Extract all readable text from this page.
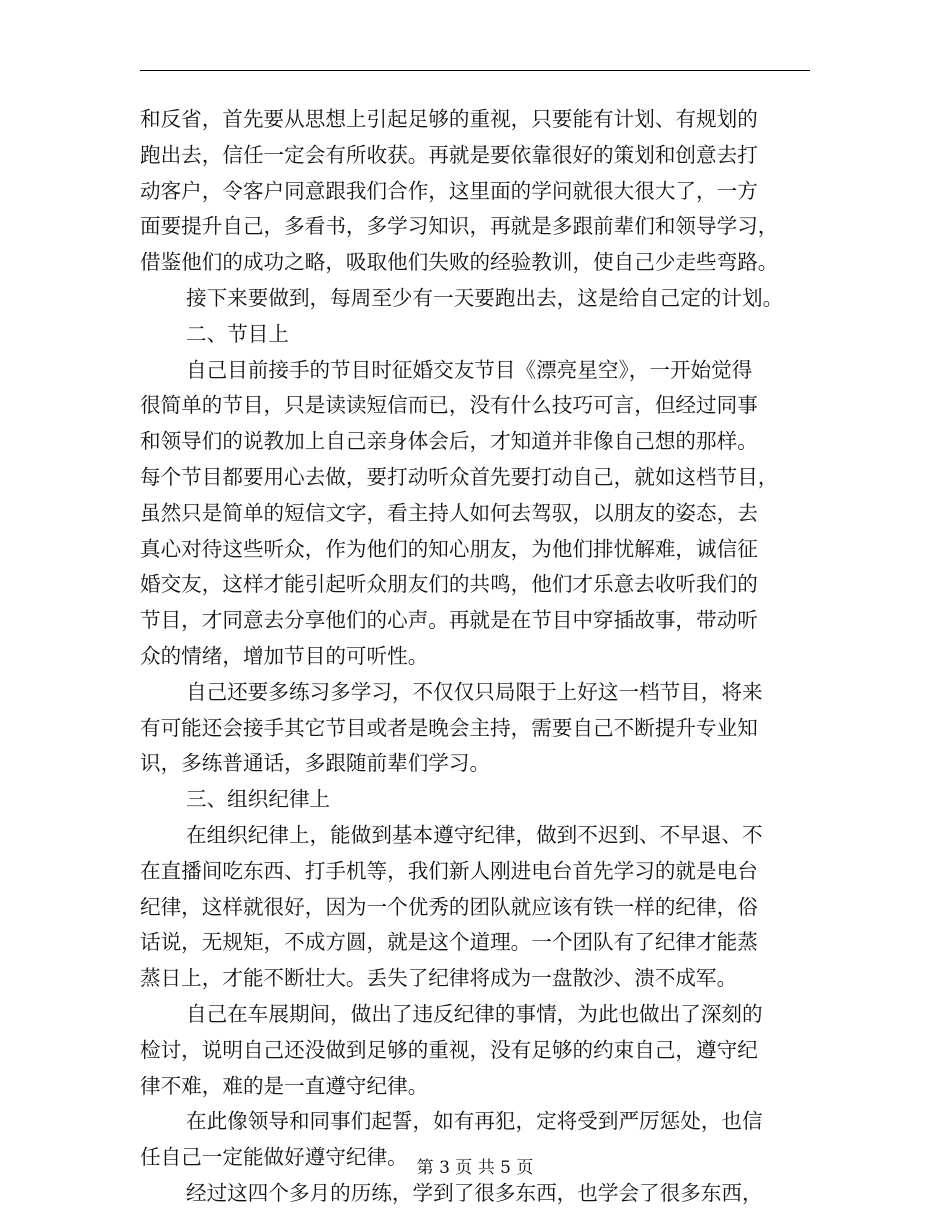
和反省，首先要从思想上引起足够的重视，只要能有计划、有规划的
跑出去，信任一定会有所收获。再就是要依靠很好的策划和创意去打
动客户，令客户同意跟我们合作，这里面的学问就很大很大了，一方
面要提升自己，多看书，多学习知识，再就是多跟前辈们和领导学习，
借鉴他们的成功之略，吸取他们失败的经验教训，使自己少走些弯路。
接下来要做到，每周至少有一天要跑出去，这是给自己定的计划。
二、节目上
自己目前接手的节目时征婚交友节目《漂亮星空》，一开始觉得
很简单的节目，只是读读短信而已，没有什么技巧可言，但经过同事
和领导们的说教加上自己亲身体会后，才知道并非像自己想的那样。
每个节目都要用心去做，要打动听众首先要打动自己，就如这档节目，
虽然只是简单的短信文字，看主持人如何去驾驭，以朋友的姿态，去
真心对待这些听众，作为他们的知心朋友，为他们排忧解难，诚信征
婚交友，这样才能引起听众朋友们的共鸣，他们才乐意去收听我们的
节目，才同意去分享他们的心声。再就是在节目中穿插故事，带动听
众的情绪，增加节目的可听性。
自己还要多练习多学习，不仅仅只局限于上好这一档节目，将来
有可能还会接手其它节目或者是晚会主持，需要自己不断提升专业知
识，多练普通话，多跟随前辈们学习。
三、组织纪律上
在组织纪律上，能做到基本遵守纪律，做到不迟到、不早退、不
在直播间吃东西、打手机等，我们新人刚进电台首先学习的就是电台
纪律，这样就很好，因为一个优秀的团队就应该有铁一样的纪律，俗
话说，无规矩，不成方圆，就是这个道理。一个团队有了纪律才能蒸
蒸日上，才能不断壮大。丢失了纪律将成为一盘散沙、溃不成军。
自己在车展期间，做出了违反纪律的事情，为此也做出了深刻的
检讨，说明自己还没做到足够的重视，没有足够的约束自己，遵守纪
律不难，难的是一直遵守纪律。
在此像领导和同事们起誓，如有再犯，定将受到严厉惩处，也信
任自己一定能做好遵守纪律。
经过这四个多月的历练，学到了很多东西，也学会了很多东西，
第 3 页 共 5 页
